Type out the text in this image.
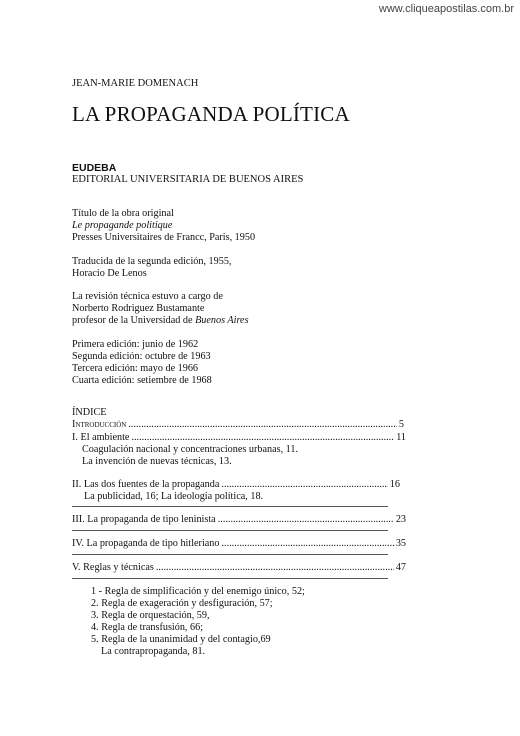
www.cliqueapostilas.com.br
JEAN-MARIE DOMENACH
LA PROPAGANDA POLÍTICA
EUDEBA
EDITORIAL UNIVERSITARIA DE BUENOS AIRES
Título de la obra original
Le propagande politique
Presses Universitaires de Francc, Paris, 1950
Traducida de la segunda edición, 1955,
Horacio De Lenos
La revisión técnica estuvo a cargo de
Norberto Rodriguez Bustamante
profesor de la Universidad de Buenos Aires
Primera edición: junio de 1962
Segunda edición: octubre de 1963
Tercera edición: mayo de 1966
Cuarta edición: setiembre de 1968
ÍNDICE
Introducción .....	5
I. El ambiente .....	11
Coagulación nacional y concentraciones urbanas, 11.
La invención de nuevas técnicas, 13.
II. Las dos fuentes de la propaganda .....	16
La publicidad, 16; La ideología política, 18.
III. La propaganda de tipo leninista .....	23
IV. La propaganda de tipo hitleriano .....	35
V. Reglas y técnicas .....	47
1 - Regla de simplificación y del enemigo único, 52;
2. Regla de exageración y desfiguración, 57;
3. Regla de orquestación, 59,
4. Regla de transfusión, 66;
5. Regla de la unanimidad y del contagio,69
La contrapropaganda, 81.
